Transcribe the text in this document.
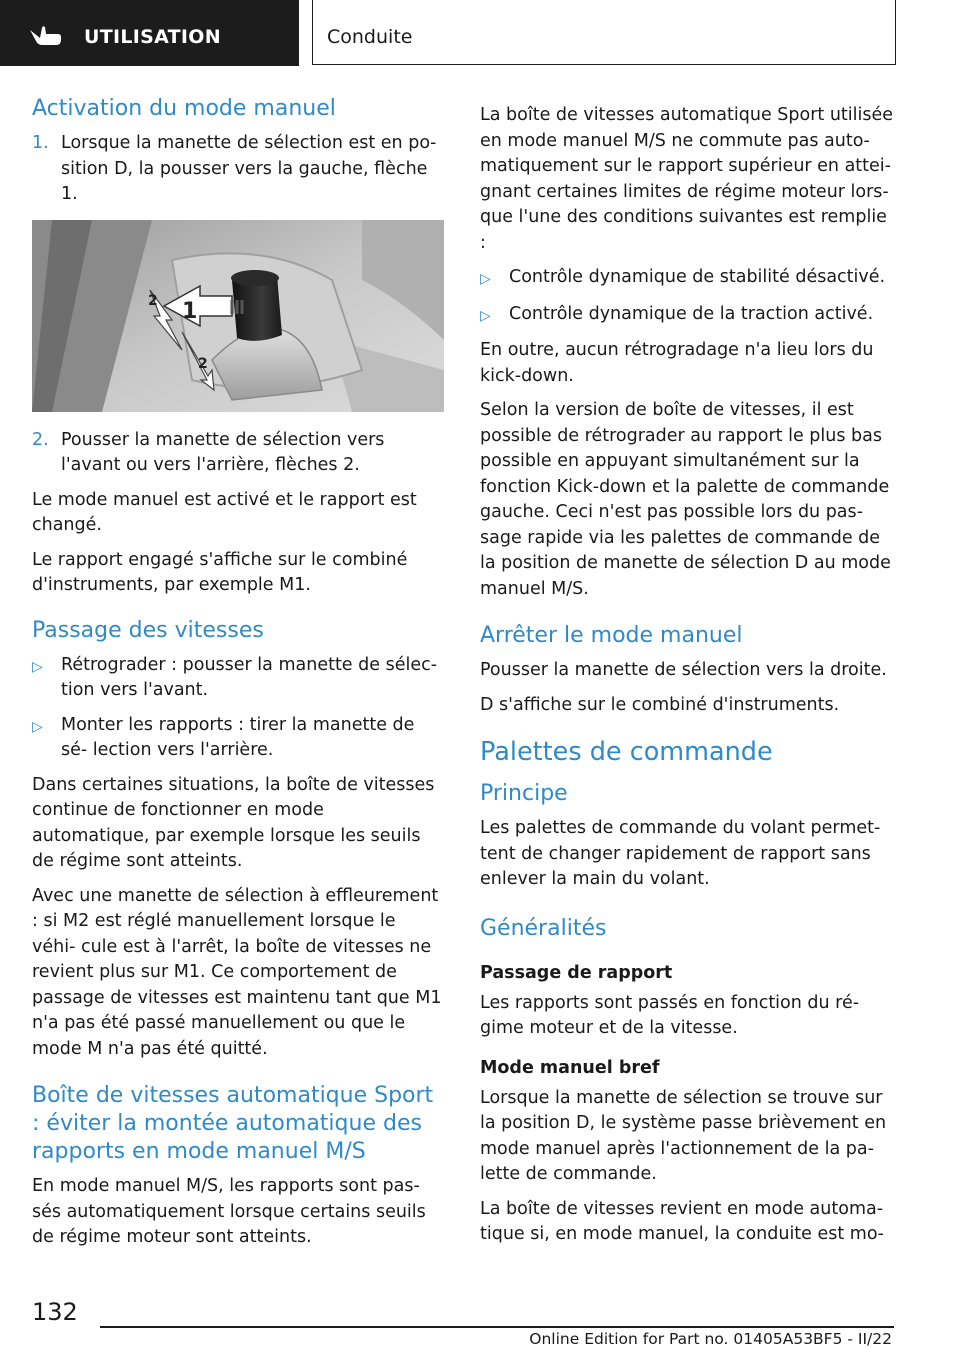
UTILISATION	Conduite
Activation du mode manuel
1. Lorsque la manette de sélection est en po‐ sition D, la pousser vers la gauche, flèche 1.
1
2
2
2. Pousser la manette de sélection vers l'avant ou vers l'arrière, flèches 2.

Le mode manuel est activé et le rapport est changé.

Le rapport engagé s'affiche sur le combiné d'instruments, par exemple M1.

Passage des vitesses
▷	Rétrograder : pousser la manette de sélec‐ tion vers l'avant.
▷	Monter les rapports : tirer la manette de sé‐ lection vers l'arrière.

Dans certaines situations, la boîte de vitesses continue de fonctionner en mode automatique, par exemple lorsque les seuils de régime sont atteints.

Avec une manette de sélection à effleurement : si M2 est réglé manuellement lorsque le véhi‐ cule est à l'arrêt, la boîte de vitesses ne revient plus sur M1. Ce comportement de passage de vitesses est maintenu tant que M1 n'a pas été passé manuellement ou que le mode M n'a pas été quitté.

Boîte de vitesses automatique Sport : éviter la montée automatique des rapports en mode manuel M/S

En mode manuel M/S, les rapports sont pas‐ sés automatiquement lorsque certains seuils de régime moteur sont atteints.

La boîte de vitesses automatique Sport utilisée en mode manuel M/S ne commute pas auto‐ matiquement sur le rapport supérieur en attei‐ gnant certaines limites de régime moteur lors‐ que l'une des conditions suivantes est remplie :

▷	Contrôle dynamique de stabilité désactivé.
▷	Contrôle dynamique de la traction activé.

En outre, aucun rétrogradage n'a lieu lors du kick-down.

Selon la version de boîte de vitesses, il est possible de rétrograder au rapport le plus bas possible en appuyant simultanément sur la fonction Kick-down et la palette de commande gauche. Ceci n'est pas possible lors du pas‐ sage rapide via les palettes de commande de la position de manette de sélection D au mode manuel M/S.

Arrêter le mode manuel

Pousser la manette de sélection vers la droite.

D s'affiche sur le combiné d'instruments.

Palettes de commande
Principe

Les palettes de commande du volant permet‐ tent de changer rapidement de rapport sans enlever la main du volant.

Généralités
Passage de rapport

Les rapports sont passés en fonction du ré‐ gime moteur et de la vitesse.

Mode manuel bref

Lorsque la manette de sélection se trouve sur la position D, le système passe brièvement en mode manuel après l'actionnement de la pa‐ lette de commande.

La boîte de vitesses revient en mode automa‐ tique si, en mode manuel, la conduite est mo‐

132
Online Edition for Part no. 01405A53BF5 - II/22
